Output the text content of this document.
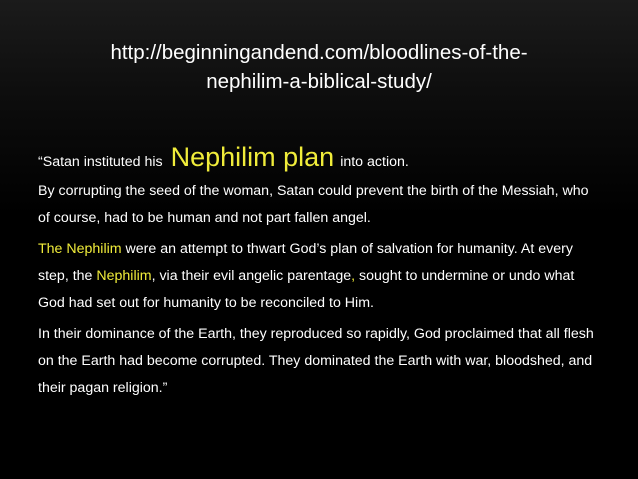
http://beginningandend.com/bloodlines-of-the-
nephilim-a-biblical-study/
“Satan instituted his Nephilim plan into action.

By corrupting the seed of the woman, Satan could prevent the birth of the Messiah, who of course, had to be human and not part fallen angel.

The Nephilim were an attempt to thwart God’s plan of salvation for humanity. At every step, the Nephilim, via their evil angelic parentage, sought to undermine or undo what God had set out for humanity to be reconciled to Him.

In their dominance of the Earth, they reproduced so rapidly, God proclaimed that all flesh on the Earth had become corrupted. They dominated the Earth with war, bloodshed, and their pagan religion.”
